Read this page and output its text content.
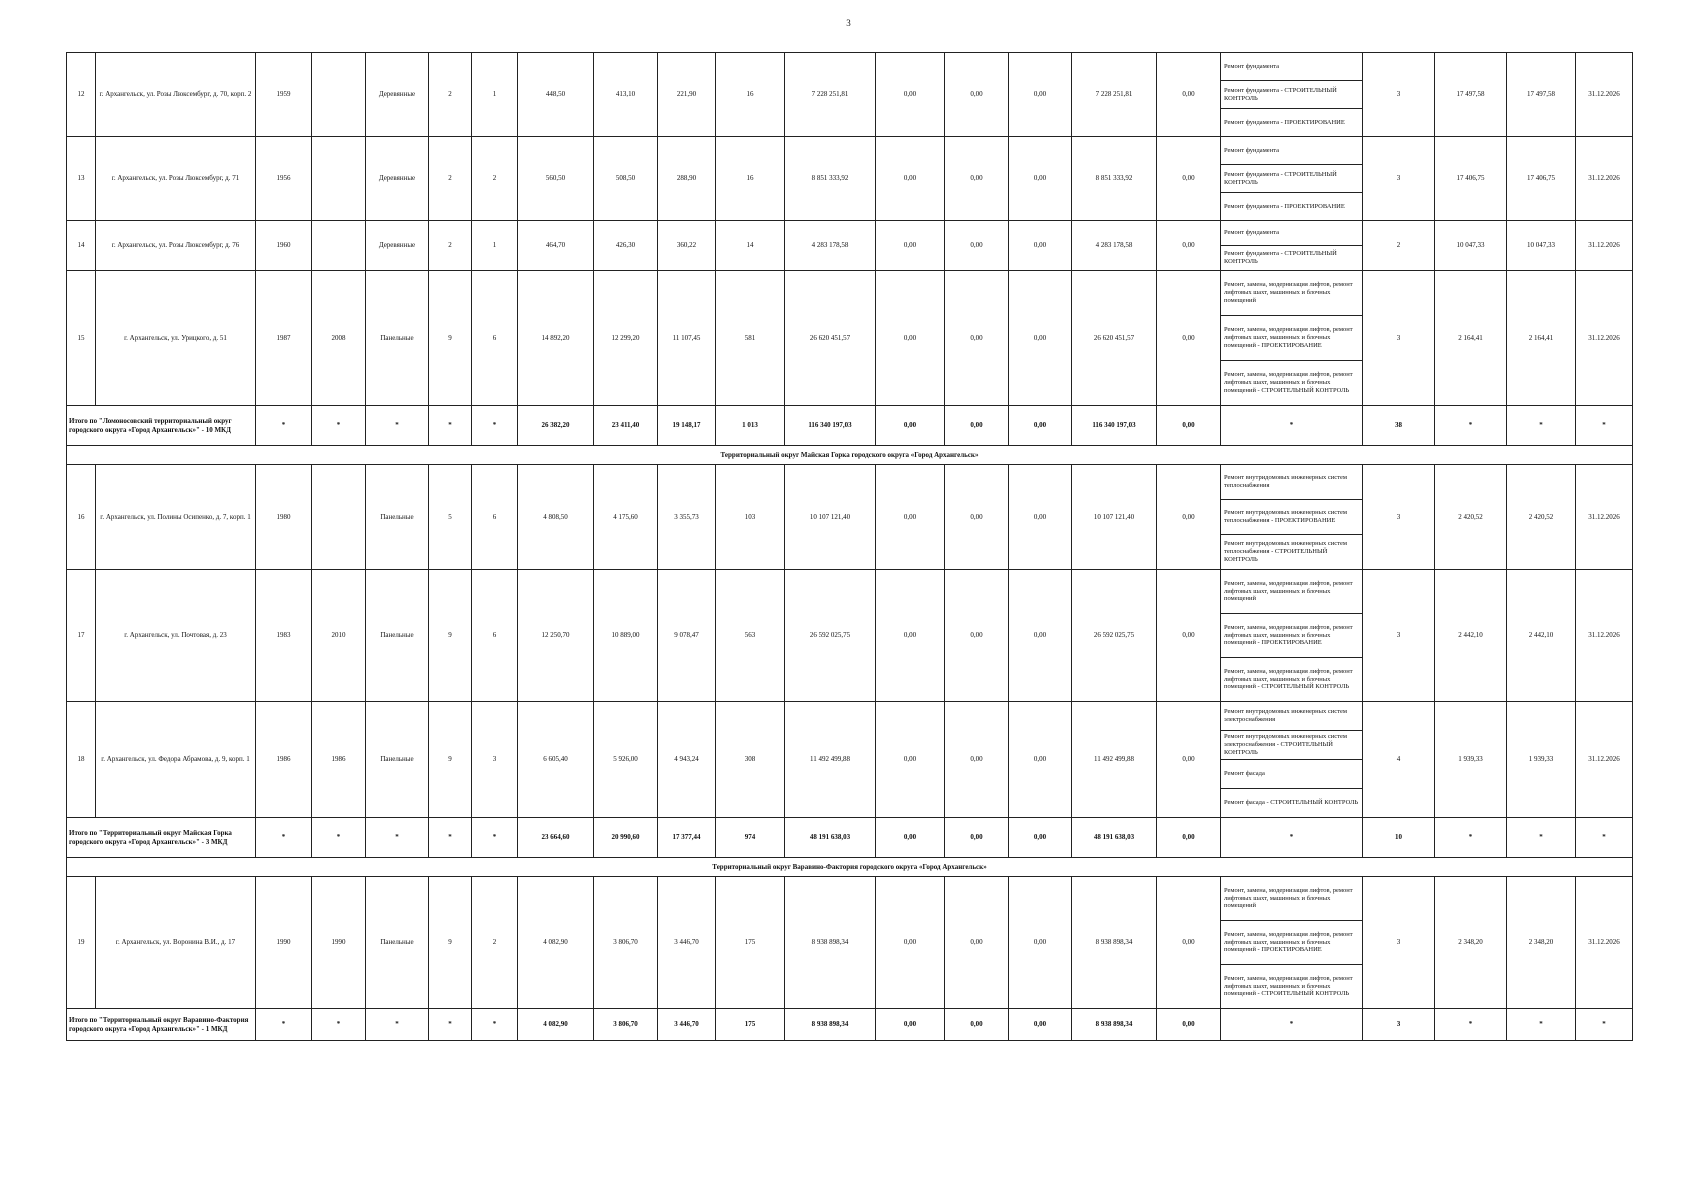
3
12	г. Архангельск, ул. Розы Люксембург, д. 70, корп. 2	1959		Деревянные	2	1	448,50	413,10	221,90	16	7 228 251,81	0,00	0,00	0,00	7 228 251,81	0,00	Ремонт фундамента	3	17 497,58	17 497,58	31.12.2026
																	Ремонт фундамента - СТРОИТЕЛЬНЫЙ КОНТРОЛЬ				
																	Ремонт фундамента - ПРОЕКТИРОВАНИЕ				
13	г. Архангельск, ул. Розы Люксембург, д. 71	1956		Деревянные	2	2	560,50	508,50	288,90	16	8 851 333,92	0,00	0,00	0,00	8 851 333,92	0,00	Ремонт фундамента	3	17 406,75	17 406,75	31.12.2026
																	Ремонт фундамента - СТРОИТЕЛЬНЫЙ КОНТРОЛЬ				
																	Ремонт фундамента - ПРОЕКТИРОВАНИЕ				
14	г. Архангельск, ул. Розы Люксембург, д. 76	1960		Деревянные	2	1	464,70	426,30	360,22	14	4 283 178,58	0,00	0,00	0,00	4 283 178,58	0,00	Ремонт фундамента	2	10 047,33	10 047,33	31.12.2026
																	Ремонт фундамента - СТРОИТЕЛЬНЫЙ КОНТРОЛЬ				
15	г. Архангельск, ул. Урицкого, д. 51	1987	2008	Панельные	9	6	14 892,20	12 299,20	11 107,45	581	26 620 451,57	0,00	0,00	0,00	26 620 451,57	0,00	Ремонт, замена, модернизация лифтов, ремонт лифтовых шахт, машинных и блочных помещений	3	2 164,41	2 164,41	31.12.2026
																	Ремонт, замена, модернизация лифтов, ремонт лифтовых шахт, машинных и блочных помещений - ПРОЕКТИРОВАНИЕ				
																	Ремонт, замена, модернизация лифтов, ремонт лифтовых шахт, машинных и блочных помещений - СТРОИТЕЛЬНЫЙ КОНТРОЛЬ				
Итого по "Ломоносовский территориальный округ городского округа «Город Архангельск»" - 10 МКД		*	*	*	*	*	26 382,20	23 411,40	19 148,17	1 013	116 340 197,03	0,00	0,00	0,00	116 340 197,03	0,00	*	38	*	*	*
Территориальный округ Майская Горка городского округа «Город Архангельск»																					
16	г. Архангельск, ул. Полины Осипенко, д. 7, корп. 1	1980		Панельные	5	6	4 808,50	4 175,60	3 355,73	103	10 107 121,40	0,00	0,00	0,00	10 107 121,40	0,00	Ремонт внутридомовых инженерных систем теплоснабжения	3	2 420,52	2 420,52	31.12.2026
																	Ремонт внутридомовых инженерных систем теплоснабжения - ПРОЕКТИРОВАНИЕ				
																	Ремонт внутридомовых инженерных систем теплоснабжения - СТРОИТЕЛЬНЫЙ КОНТРОЛЬ				
17	г. Архангельск, ул. Почтовая, д. 23	1983	2010	Панельные	9	6	12 250,70	10 889,00	9 078,47	563	26 592 025,75	0,00	0,00	0,00	26 592 025,75	0,00	Ремонт, замена, модернизация лифтов, ремонт лифтовых шахт, машинных и блочных помещений	3	2 442,10	2 442,10	31.12.2026
																	Ремонт, замена, модернизация лифтов, ремонт лифтовых шахт, машинных и блочных помещений - ПРОЕКТИРОВАНИЕ				
																	Ремонт, замена, модернизация лифтов, ремонт лифтовых шахт, машинных и блочных помещений - СТРОИТЕЛЬНЫЙ КОНТРОЛЬ				
18	г. Архангельск, ул. Федора Абрамова, д. 9, корп. 1	1986	1986	Панельные	9	3	6 605,40	5 926,00	4 943,24	308	11 492 499,88	0,00	0,00	0,00	11 492 499,88	0,00	Ремонт внутридомовых инженерных систем электроснабжения	4	1 939,33	1 939,33	31.12.2026
																	Ремонт внутридомовых инженерных систем электроснабжения - СТРОИТЕЛЬНЫЙ КОНТРОЛЬ				
																	Ремонт фасада				
																	Ремонт фасада - СТРОИТЕЛЬНЫЙ КОНТРОЛЬ				
Итого по "Территориальный округ Майская Горка городского округа «Город Архангельск»" - 3 МКД		*	*	*	*	*	23 664,60	20 990,60	17 377,44	974	48 191 638,03	0,00	0,00	0,00	48 191 638,03	0,00	*	10	*	*	*
Территориальный округ Варавино-Фактория городского округа «Город Архангельск»																					
19	г. Архангельск, ул. Воронина В.И., д. 17	1990	1990	Панельные	9	2	4 082,90	3 806,70	3 446,70	175	8 938 898,34	0,00	0,00	0,00	8 938 898,34	0,00	Ремонт, замена, модернизация лифтов, ремонт лифтовых шахт, машинных и блочных помещений	3	2 348,20	2 348,20	31.12.2026
																	Ремонт, замена, модернизация лифтов, ремонт лифтовых шахт, машинных и блочных помещений - ПРОЕКТИРОВАНИЕ				
																	Ремонт, замена, модернизация лифтов, ремонт лифтовых шахт, машинных и блочных помещений - СТРОИТЕЛЬНЫЙ КОНТРОЛЬ				
Итого по "Территориальный округ Варавино-Фактория городского округа «Город Архангельск»" - 1 МКД		*	*	*	*	*	4 082,90	3 806,70	3 446,70	175	8 938 898,34	0,00	0,00	0,00	8 938 898,34	0,00	*	3	*	*	*
